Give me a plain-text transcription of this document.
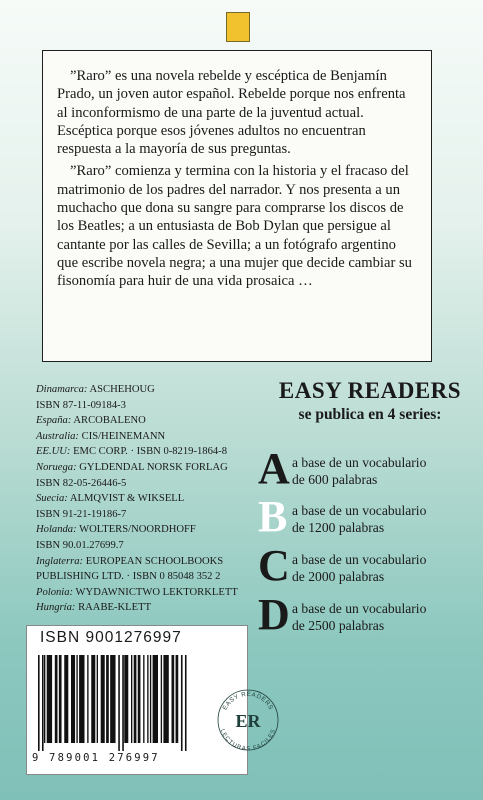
”Raro” es una novela rebelde y escéptica de Benjamín Prado, un joven autor español. Rebelde porque nos enfrenta al inconformismo de una parte de la juventud actual. Escéptica porque esos jóvenes adultos no encuentran respuesta a la mayoría de sus preguntas.

”Raro” comienza y termina con la historia y el fracaso del matrimonio de los padres del narrador. Y nos presenta a un muchacho que dona su sangre para comprarse los discos de los Beatles; a un entusiasta de Bob Dylan que persigue al cantante por las calles de Sevilla; a un fotógrafo argentino que escribe novela negra; a una mujer que decide cambiar su fisonomía para huir de una vida prosaica …

Dinamarca: ASCHEHOUG
ISBN 87-11-09184-3
España: ARCOBALENO
Australia: CIS/HEINEMANN
EE.UU: EMC CORP. · ISBN 0-8219-1864-8
Noruega: GYLDENDAL NORSK FORLAG
ISBN 82-05-26446-5
Suecia: ALMQVIST & WIKSELL
ISBN 91-21-19186-7
Holanda: WOLTERS/NOORDHOFF
ISBN 90.01.27699.7
Inglaterra: EUROPEAN SCHOOLBOOKS
PUBLISHING LTD. · ISBN 0 85048 352 2
Polonia: WYDAWNICTWO LEKTORKLETT
Hungría: RAABE-KLETT
EASY READERS
se publica en 4 series:
A a base de un vocabulario
de 600 palabras
B a base de un vocabulario
de 1200 palabras
C a base de un vocabulario
de 2000 palabras
D a base de un vocabulario
de 2500 palabras
ISBN 9001276997
9 789001 276997
EASY READERS
LECTURAS FACILES
ER
